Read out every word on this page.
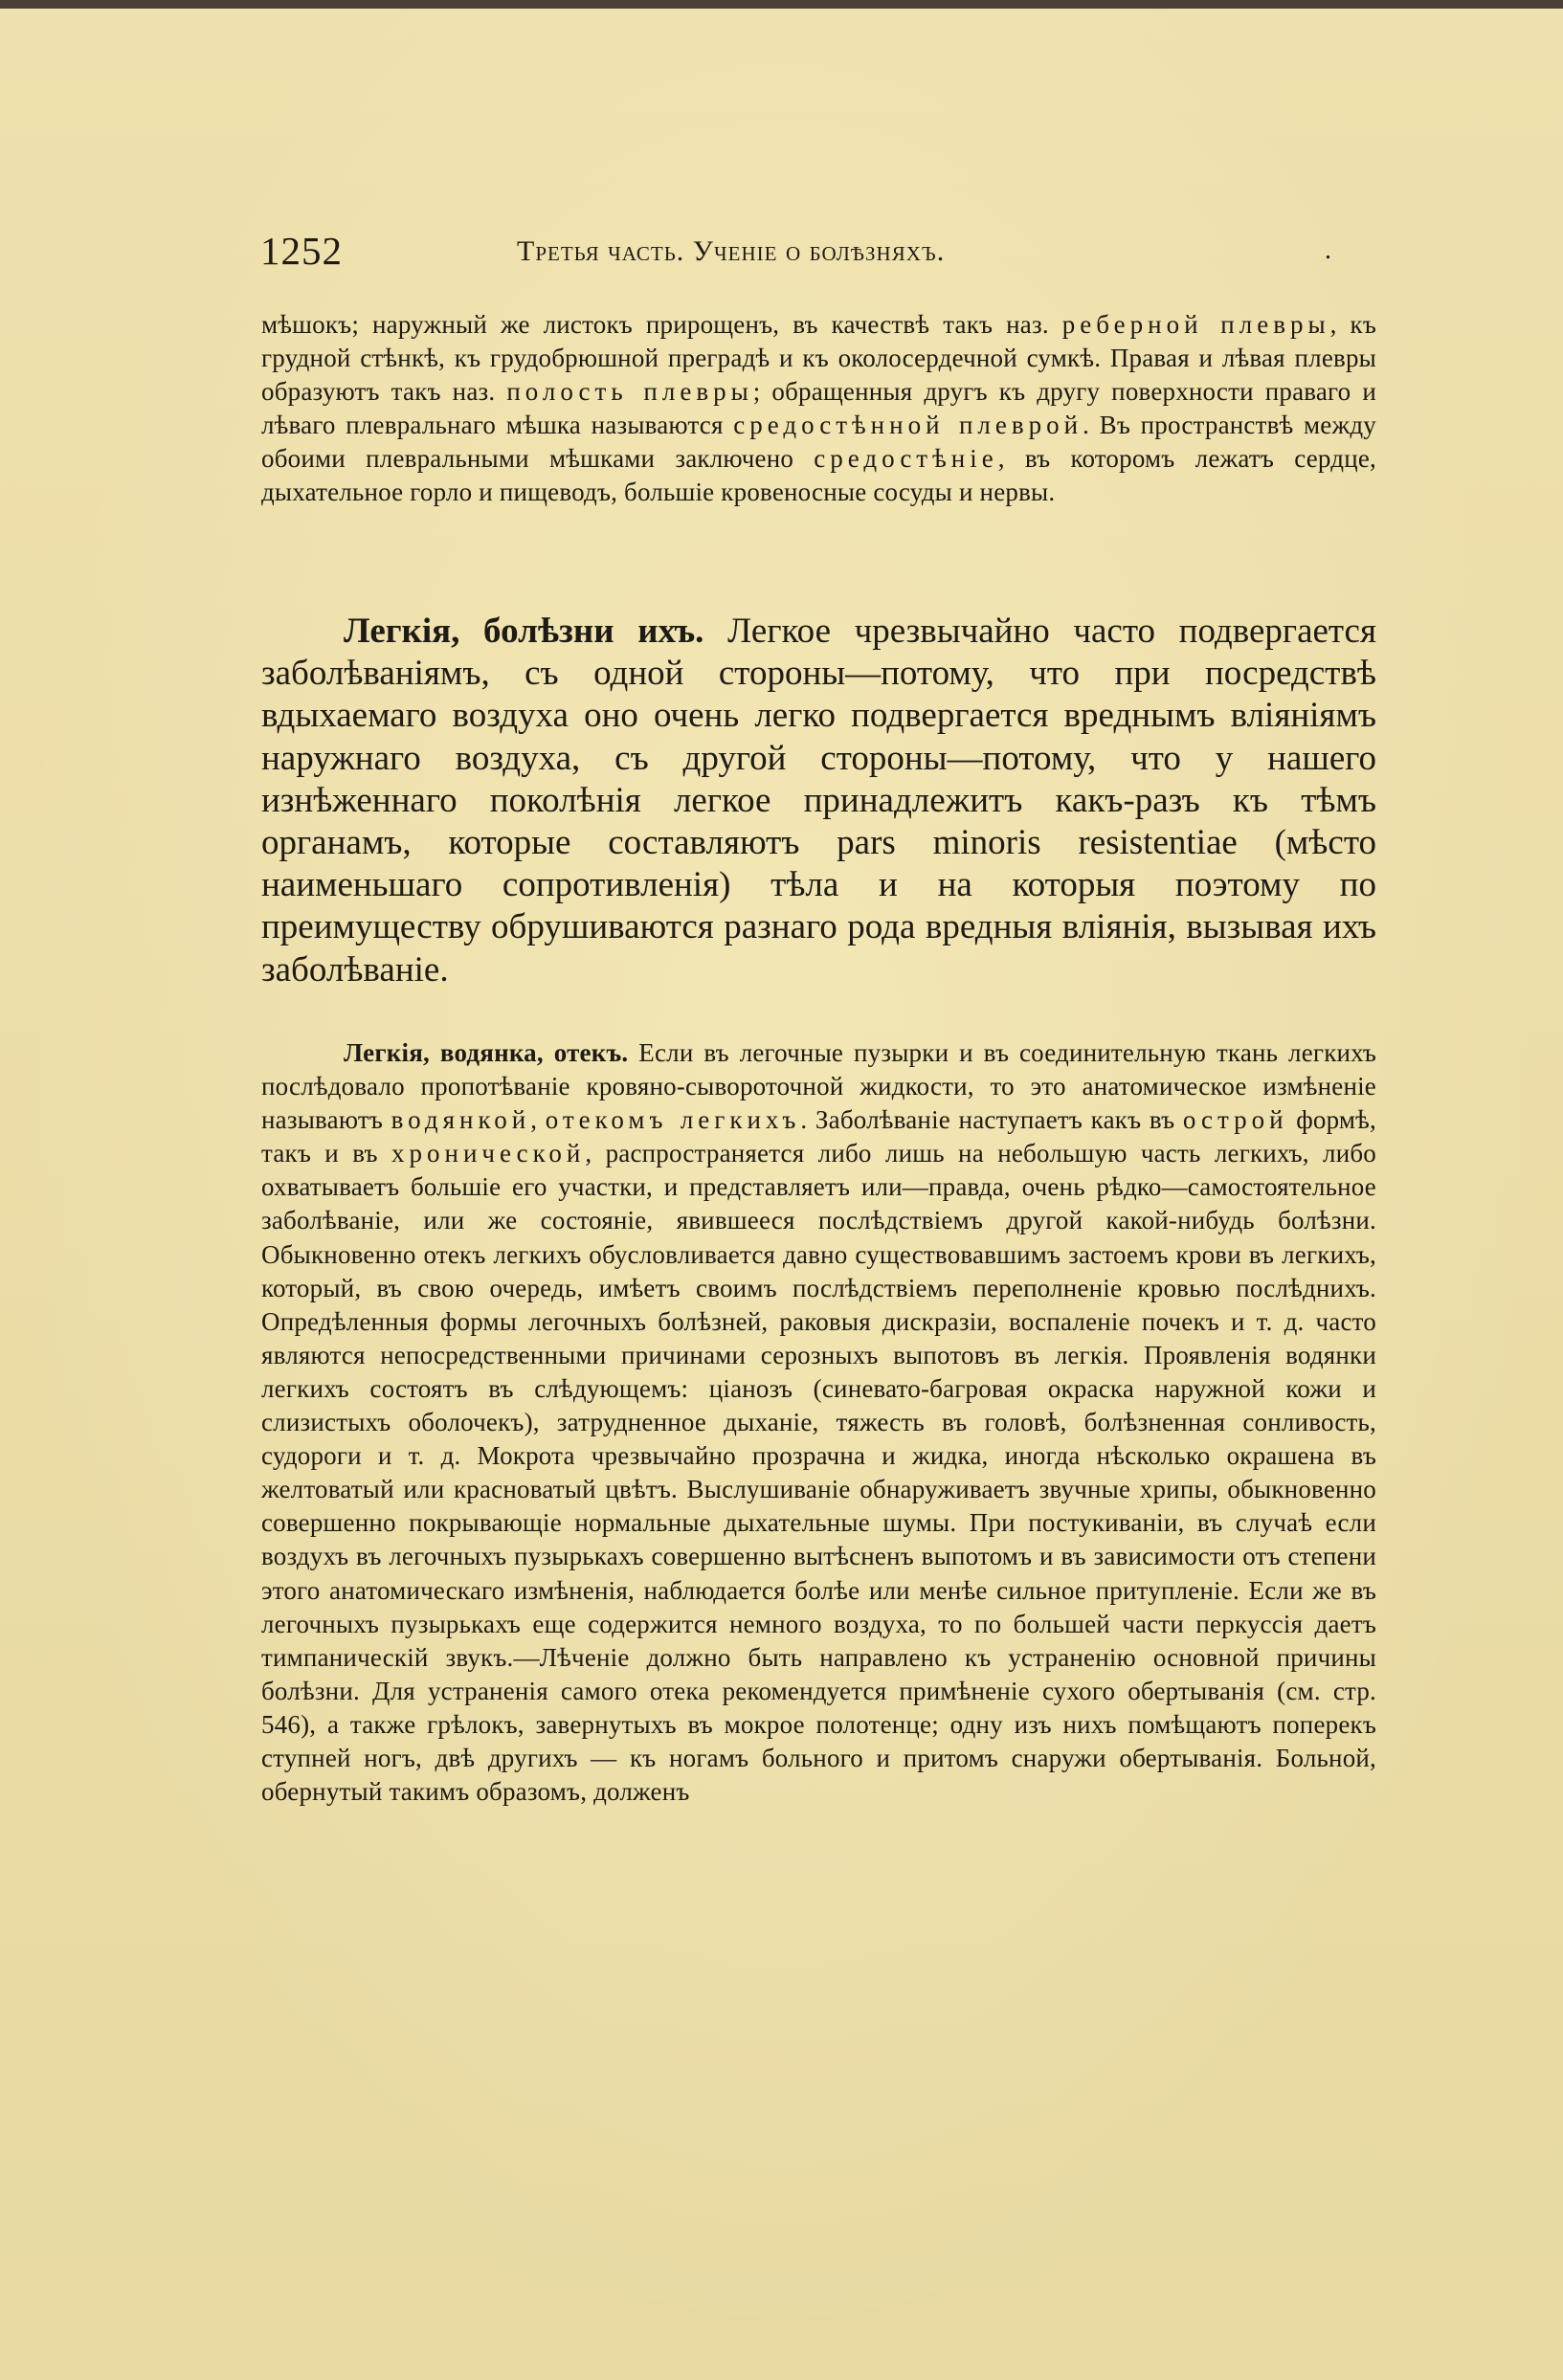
1252	Третья часть. Ученіе о болѣзняхъ.	.

мѣшокъ; наружный же листокъ прирощенъ, въ качествѣ такъ наз. реберной плевры, къ грудной стѣнкѣ, къ грудобрюшной преградѣ и къ околосердечной сумкѣ. Правая и лѣвая плевры образуютъ такъ наз. полость плевры; обращенныя другъ къ другу поверхности праваго и лѣваго плевральнаго мѣшка называются средостѣнной плеврой. Въ пространствѣ между обоими плевральными мѣшками заключено средостѣніе, въ которомъ лежатъ сердце, дыхательное горло и пищеводъ, большіе кровеносные сосуды и нервы.

Легкія, болѣзни ихъ. Легкое чрезвычайно часто подвергается заболѣваніямъ, съ одной стороны—потому, что при посредствѣ вдыхаемаго воздуха оно очень легко подвергается вреднымъ вліяніямъ наружнаго воздуха, съ другой стороны—потому, что у нашего изнѣженнаго поколѣнія легкое принадлежитъ какъ-разъ къ тѣмъ органамъ, которые составляютъ pars minoris resistentiae (мѣсто наименьшаго сопротивленія) тѣла и на которыя поэтому по преимуществу обрушиваются разнаго рода вредныя вліянія, вызывая ихъ заболѣваніе.

Легкія, водянка, отекъ. Если въ легочные пузырки и въ соединительную ткань легкихъ послѣдовало пропотѣваніе кровяно-сывороточной жидкости, то это анатомическое измѣненіе называютъ водянкой, отекомъ легкихъ. Заболѣваніе наступаетъ какъ въ острой формѣ, такъ и въ хронической, распространяется либо лишь на небольшую часть легкихъ, либо охватываетъ большіе его участки, и представляетъ или—правда, очень рѣдко—самостоятельное заболѣваніе, или же состояніе, явившееся послѣдствіемъ другой какой-нибудь болѣзни. Обыкновенно отекъ легкихъ обусловливается давно существовавшимъ застоемъ крови въ легкихъ, который, въ свою очередь, имѣетъ своимъ послѣдствіемъ переполненіе кровью послѣднихъ. Опредѣленныя формы легочныхъ болѣзней, раковыя дискразіи, воспаленіе почекъ и т. д. часто являются непосредственными причинами серозныхъ выпотовъ въ легкія. Проявленія водянки легкихъ состоятъ въ слѣдующемъ: ціанозъ (синевато-багровая окраска наружной кожи и слизистыхъ оболочекъ), затрудненное дыханіе, тяжесть въ головѣ, болѣзненная сонливость, судороги и т. д. Мокрота чрезвычайно прозрачна и жидка, иногда нѣсколько окрашена въ желтоватый или красноватый цвѣтъ. Выслушиваніе обнаруживаетъ звучные хрипы, обыкновенно совершенно покрывающіе нормальные дыхательные шумы. При постукиваніи, въ случаѣ если воздухъ въ легочныхъ пузырькахъ совершенно вытѣсненъ выпотомъ и въ зависимости отъ степени этого анатомическаго измѣненія, наблюдается болѣе или менѣе сильное притупленіе. Если же въ легочныхъ пузырькахъ еще содержится немного воздуха, то по большей части перкуссія даетъ тимпаническій звукъ.—Лѣченіе должно быть направлено къ устраненію основной причины болѣзни. Для устраненія самого отека рекомендуется примѣненіе сухого обертыванія (см. стр. 546), а также грѣлокъ, завернутыхъ въ мокрое полотенце; одну изъ нихъ помѣщаютъ поперекъ ступней ногъ, двѣ другихъ — къ ногамъ больного и притомъ снаружи обертыванія. Больной, обернутый такимъ образомъ, долженъ
